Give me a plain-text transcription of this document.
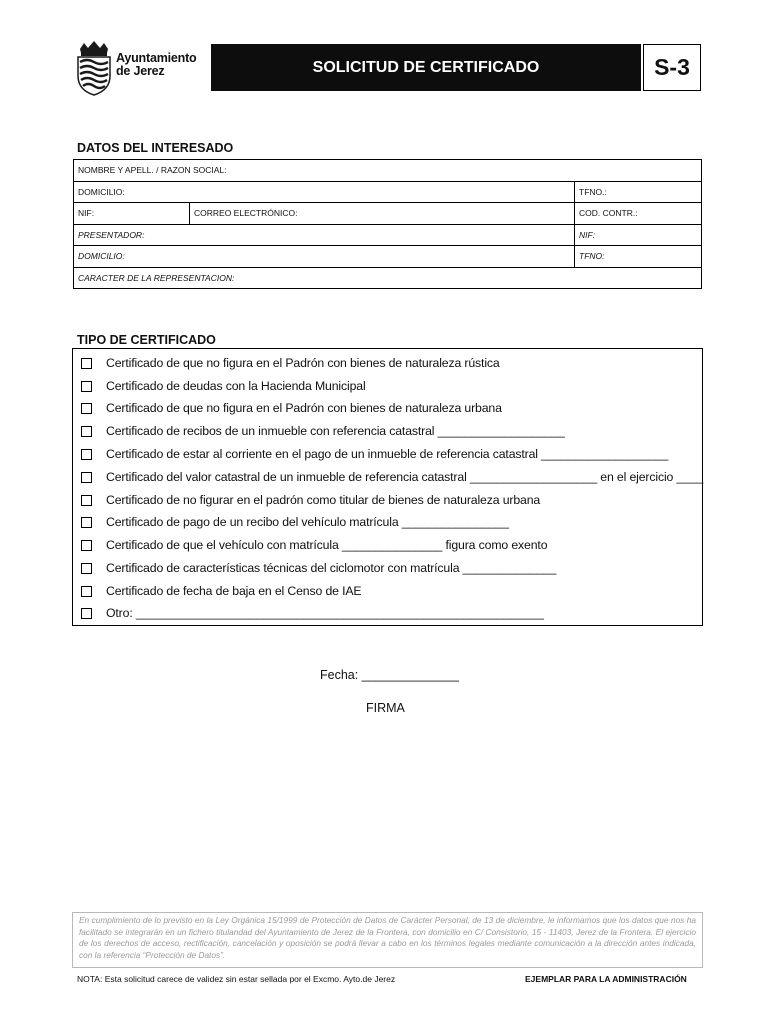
Ayuntamiento
de Jerez	SOLICITUD DE CERTIFICADO	S-3
DATOS DEL INTERESADO
NOMBRE Y APELL. / RAZON SOCIAL:		
DOMICILIO:		TFNO.:
NIF:	CORREO ELECTRÓNICO:	COD. CONTR.:
PRESENTADOR:		NIF:
DOMICILIO:		TFNO:
CARACTER DE LA REPRESENTACION:		
TIPO DE CERTIFICADO
Certificado de que no figura en el Padrón con bienes de naturaleza rústica
Certificado de deudas con la Hacienda Municipal
Certificado de que no figura en el Padrón con bienes de naturaleza urbana
Certificado de recibos de un inmueble con referencia catastral ___________________
Certificado de estar al corriente en el pago de un inmueble de referencia catastral ___________________
Certificado del valor catastral de un inmueble de referencia catastral ___________________ en el ejercicio ____
Certificado de no figurar en el padrón como titular de bienes de naturaleza urbana
Certificado de pago de un recibo del vehículo matrícula ________________
Certificado de que el vehículo con matrícula _______________ figura como exento
Certificado de características técnicas del ciclomotor con matrícula ______________
Certificado de fecha de baja en el Censo de IAE
Otro: _____________________________________________________________
Fecha: ______________
FIRMA
En cumplimiento de lo previsto en la Ley Orgánica 15/1999 de Protección de Datos de Carácter Personal, de 13 de diciembre, le informamos que los datos que nos ha facilitado se integrarán en un fichero titulandad del Ayuntamiento de Jerez de la Frontera, con domicilio en C/ Consistorio, 15 - 11403, Jerez de la Frontera. El ejercicio de los derechos de acceso, rectificación, cancelación y oposición se podrá llevar a cabo en los términos legales mediante comunicación a la dirección antes indicada, con la referencia “Protección de Datos”.
NOTA: Esta solicitud carece de validez sin estar sellada por el Excmo. Ayto.de Jerez	EJEMPLAR PARA LA ADMINISTRACIÓN
